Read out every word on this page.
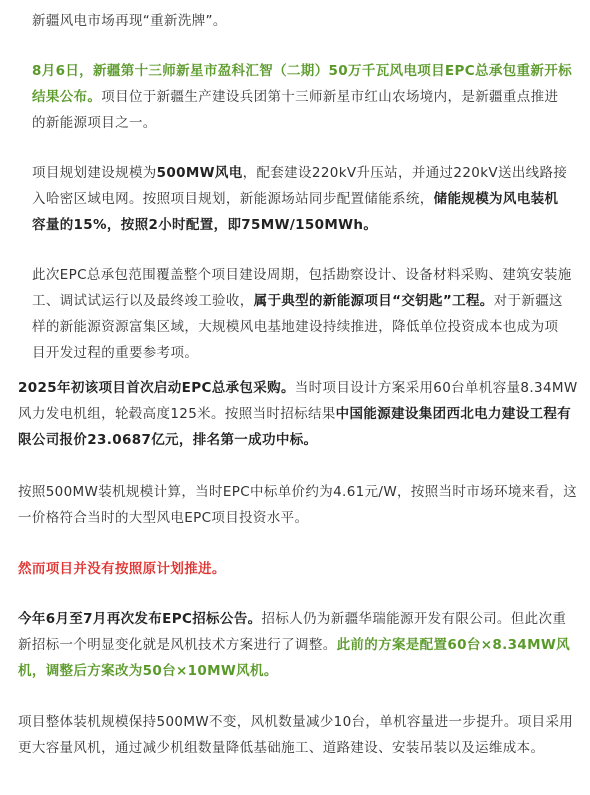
新疆风电市场再现“重新洗牌”。

8月6日，新疆第十三师新星市盈科汇智（二期）50万千瓦风电项目EPC总承包重新开标结果公布。项目位于新疆生产建设兵团第十三师新星市红山农场境内，是新疆重点推进的新能源项目之一。

项目规划建设规模为500MW风电，配套建设220kV升压站，并通过220kV送出线路接入哈密区域电网。按照项目规划，新能源场站同步配置储能系统，储能规模为风电装机容量的15%，按照2小时配置，即75MW/150MWh。

此次EPC总承包范围覆盖整个项目建设周期，包括勘察设计、设备材料采购、建筑安装施工、调试试运行以及最终竣工验收，属于典型的新能源项目“交钥匙”工程。对于新疆这样的新能源资源富集区域，大规模风电基地建设持续推进，降低单位投资成本也成为项目开发过程的重要参考项。

2025年初该项目首次启动EPC总承包采购。当时项目设计方案采用60台单机容量8.34MW风力发电机组，轮毂高度125米。按照当时招标结果中国能源建设集团西北电力建设工程有限公司报价23.0687亿元，排名第一成功中标。

按照500MW装机规模计算，当时EPC中标单价约为4.61元/W，按照当时市场环境来看，这一价格符合当时的大型风电EPC项目投资水平。

然而项目并没有按照原计划推进。

今年6月至7月再次发布EPC招标公告。招标人仍为新疆华瑞能源开发有限公司。但此次重新招标一个明显变化就是风机技术方案进行了调整。此前的方案是配置60台×8.34MW风机，调整后方案改为50台×10MW风机。

项目整体装机规模保持500MW不变，风机数量减少10台，单机容量进一步提升。项目采用更大容量风机，通过减少机组数量降低基础施工、道路建设、安装吊装以及运维成本。
